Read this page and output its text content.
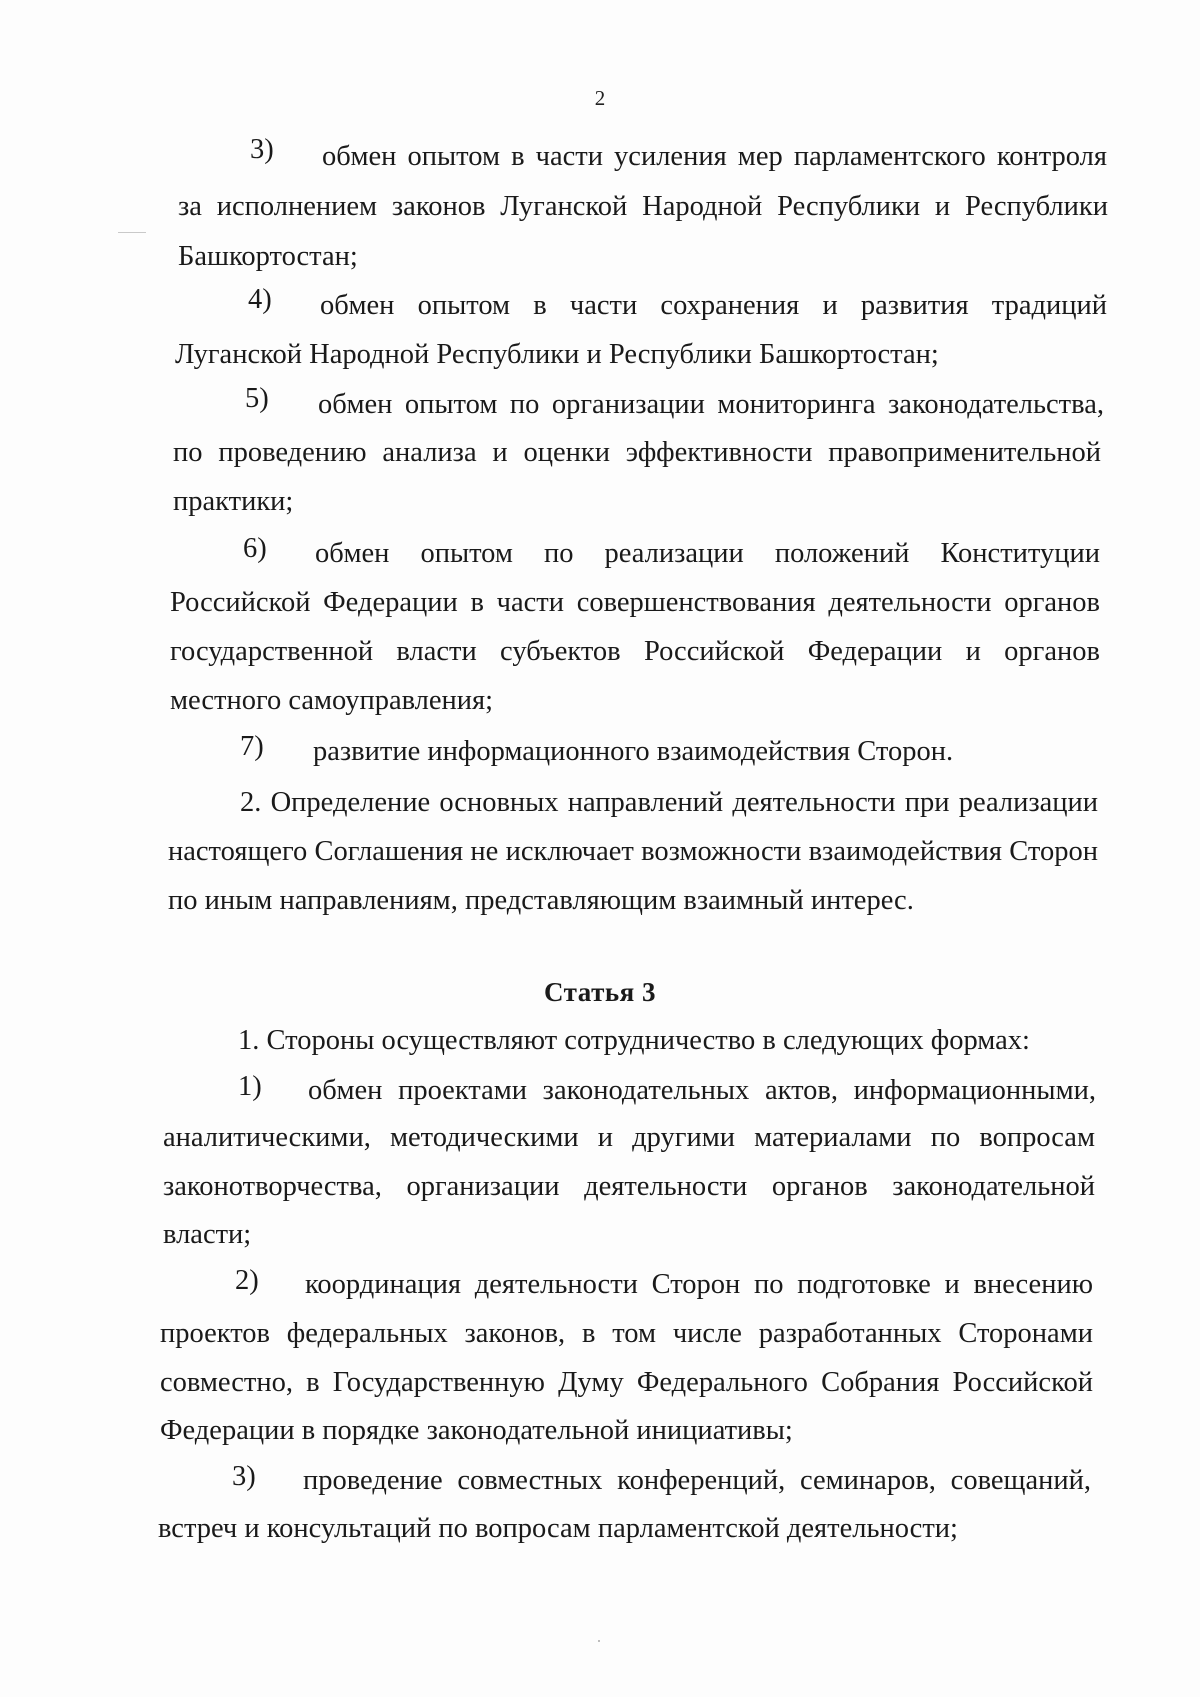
2
3) обмен опытом в части усиления мер парламентского контроля
за исполнением законов Луганской Народной Республики и Республики
Башкортостан;
4) обмен опытом в части сохранения и развития традиций
Луганской Народной Республики и Республики Башкортостан;
5) обмен опытом по организации мониторинга законодательства,
по проведению анализа и оценки эффективности правоприменительной
практики;
6) обмен опытом по реализации положений Конституции
Российской Федерации в части совершенствования деятельности органов
государственной власти субъектов Российской Федерации и органов
местного самоуправления;
7) развитие информационного взаимодействия Сторон.
2. Определение основных направлений деятельности при реализации
настоящего Соглашения не исключает возможности взаимодействия Сторон
по иным направлениям, представляющим взаимный интерес.
Статья 3
1. Стороны осуществляют сотрудничество в следующих формах:
1) обмен проектами законодательных актов, информационными,
аналитическими, методическими и другими материалами по вопросам
законотворчества, организации деятельности органов законодательной
власти;
2) координация деятельности Сторон по подготовке и внесению
проектов федеральных законов, в том числе разработанных Сторонами
совместно, в Государственную Думу Федерального Собрания Российской
Федерации в порядке законодательной инициативы;
3) проведение совместных конференций, семинаров, совещаний,
встреч и консультаций по вопросам парламентской деятельности;
